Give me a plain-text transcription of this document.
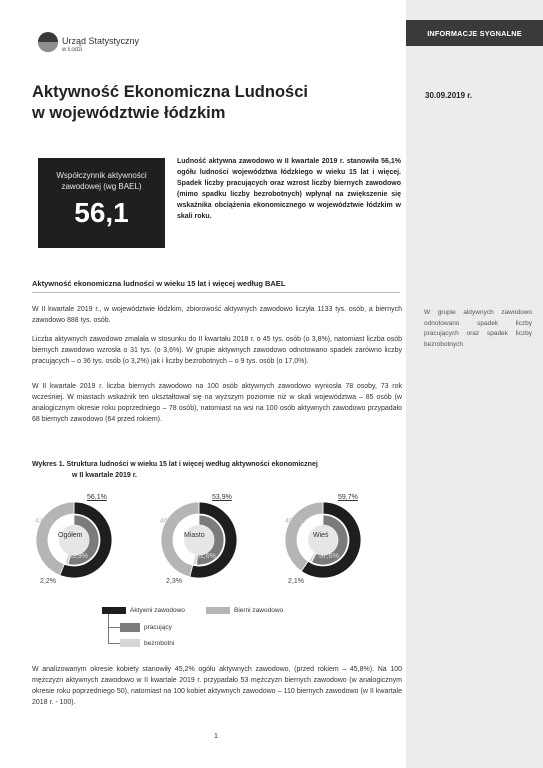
INFORMACJE SYGNALNE
Urząd Statystyczny
w Łodzi
Aktywność Ekonomiczna Ludności
w województwie łódzkim
30.09.2019 r.
Współczynnik aktywności zawodowej (wg BAEL)
56,1
Ludność aktywna zawodowo w II kwartale 2019 r. stanowiła 56,1% ogółu ludności województwa łódzkiego w wieku 15 lat i więcej. Spadek liczby pracujących oraz wzrost liczby biernych zawodowo (mimo spadku liczby bezrobotnych) wpłynął na zwiększenie się wskaźnika obciążenia ekonomicznego w województwie łódzkim w skali roku.
Aktywność ekonomiczna ludności w wieku 15 lat i więcej według BAEL
W II kwartale 2019 r., w województwie łódzkim, zbiorowość aktywnych zawodowo liczyła 1133 tys. osób, a biernych zawodowo 888 tys. osób.
Liczba aktywnych zawodowo zmalała w stosunku do II kwartału 2018 r. o 45 tys. osób (o 3,8%), natomiast liczba osób biernych zawodowo wzrosła o 31 tys. (o 3,6%). W grupie aktywnych zawodowo odnotowano spadek zarówno liczby pracujących – o 36 tys. osób (o 3,2%) jak i liczby bezrobotnych – o 9 tys. osób (o 17,0%).
W II kwartale 2019 r. liczba biernych zawodowo na 100 osób aktywnych zawodowo wyniosła 78 osoby, 73 rok wcześniej. W miastach wskaźnik ten ukształtował się na wyższym poziomie niż w skali województwa – 85 osób (w analogicznym okresie roku poprzedniego – 78 osób), natomiast na wsi na 100 osób aktywnych zawodowo przypadało 68 biernych zawodowo (64 przed rokiem).
W grupie aktywnych zawodowo odnotowano spadek liczby pracujących oraz spadek liczby bezrobotnych
Wykres 1. Struktura ludności w wieku 15 lat i więcej według aktywności ekonomicznej
w II kwartale 2019 r.
56,1%
43,9%
Ogółem
53,9%
2,2%
53,9%
46,1%
Miasto
51,6%
2,3%
59,7%
40,3%
Wieś
57,6%
2,1%
Aktywni zawodowo	Bierni zawodowo
pracujący
bezrobotni
W analizowanym okresie kobiety stanowiły 45,2% ogółu aktywnych zawodowo, (przed rokiem – 45,8%). Na 100 mężczyzn aktywnych zawodowo w II kwartale 2019 r. przypadało 53 mężczyzn biernych zawodowo (w analogicznym okresie roku poprzedniego 50), natomiast na 100 kobiet aktywnych zawodowo – 110 biernych zawodowo (w II kwartale 2018 r. - 100).
1
